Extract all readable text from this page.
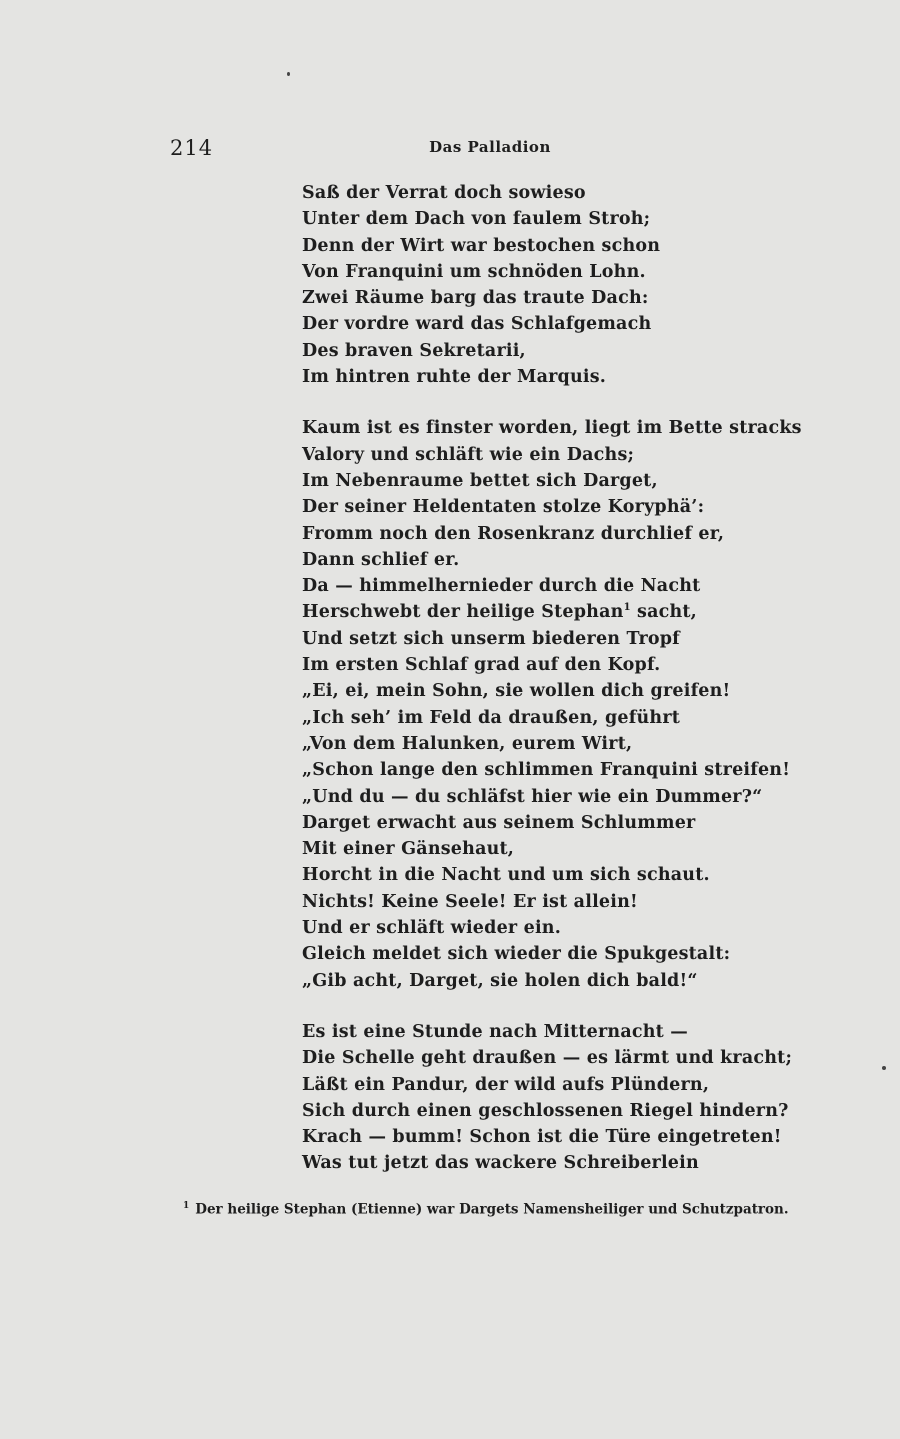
214	Das Palladion
Saß der Verrat doch sowieso
Unter dem Dach von faulem Stroh;
Denn der Wirt war bestochen schon
Von Franquini um schnöden Lohn.
Zwei Räume barg das traute Dach:
Der vordre ward das Schlafgemach
Des braven Sekretarii,
Im hintren ruhte der Marquis.
Kaum ist es finster worden, liegt im Bette stracks
Valory und schläft wie ein Dachs;
Im Nebenraume bettet sich Darget,
Der seiner Heldentaten stolze Koryphä’:
Fromm noch den Rosenkranz durchlief er,
Dann schlief er.
Da — himmelhernieder durch die Nacht
Herschwebt der heilige Stephan$^1$ sacht,
Und setzt sich unserm biederen Tropf
Im ersten Schlaf grad auf den Kopf.
„Ei, ei, mein Sohn, sie wollen dich greifen!
„Ich seh’ im Feld da draußen, geführt
„Von dem Halunken, eurem Wirt,
„Schon lange den schlimmen Franquini streifen!
„Und du — du schläfst hier wie ein Dummer?“
Darget erwacht aus seinem Schlummer
Mit einer Gänsehaut,
Horcht in die Nacht und um sich schaut.
Nichts! Keine Seele! Er ist allein!
Und er schläft wieder ein.
Gleich meldet sich wieder die Spukgestalt:
„Gib acht, Darget, sie holen dich bald!“
Es ist eine Stunde nach Mitternacht —
Die Schelle geht draußen — es lärmt und kracht;
Läßt ein Pandur, der wild aufs Plündern,
Sich durch einen geschlossenen Riegel hindern?
Krach — bumm! Schon ist die Türe eingetreten!
Was tut jetzt das wackere Schreiberlein
$^1$ Der heilige Stephan (Etienne) war Dargets Namensheiliger und Schutzpatron.
